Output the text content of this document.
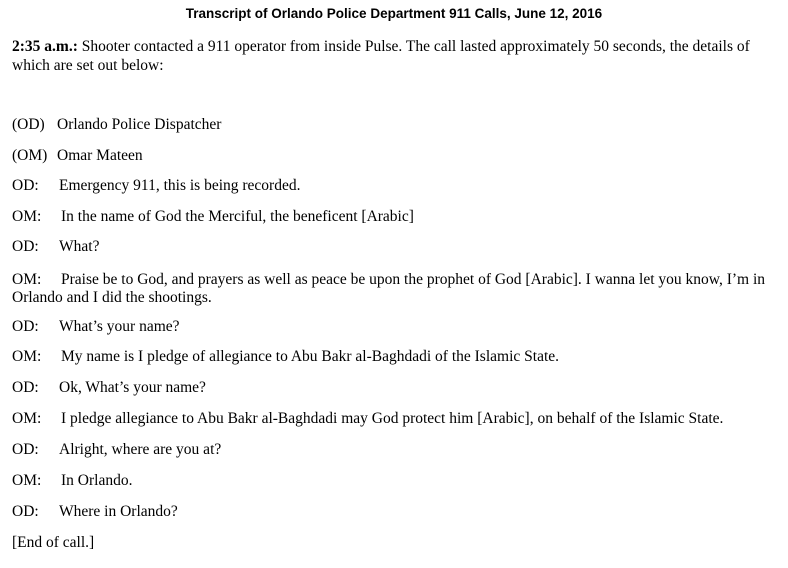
Transcript of Orlando Police Department 911 Calls, June 12, 2016
2:35 a.m.: Shooter contacted a 911 operator from inside Pulse. The call lasted approximately 50 seconds, the details of which are set out below:
(OD) Orlando Police Dispatcher
(OM) Omar Mateen
OD: Emergency 911, this is being recorded.
OM: In the name of God the Merciful, the beneficent [Arabic]
OD: What?
OM: Praise be to God, and prayers as well as peace be upon the prophet of God [Arabic]. I wanna let you know, I’m in Orlando and I did the shootings.
OD: What’s your name?
OM: My name is I pledge of allegiance to Abu Bakr al-Baghdadi of the Islamic State.
OD: Ok, What’s your name?
OM: I pledge allegiance to Abu Bakr al-Baghdadi may God protect him [Arabic], on behalf of the Islamic State.
OD: Alright, where are you at?
OM: In Orlando.
OD: Where in Orlando?
[End of call.]
